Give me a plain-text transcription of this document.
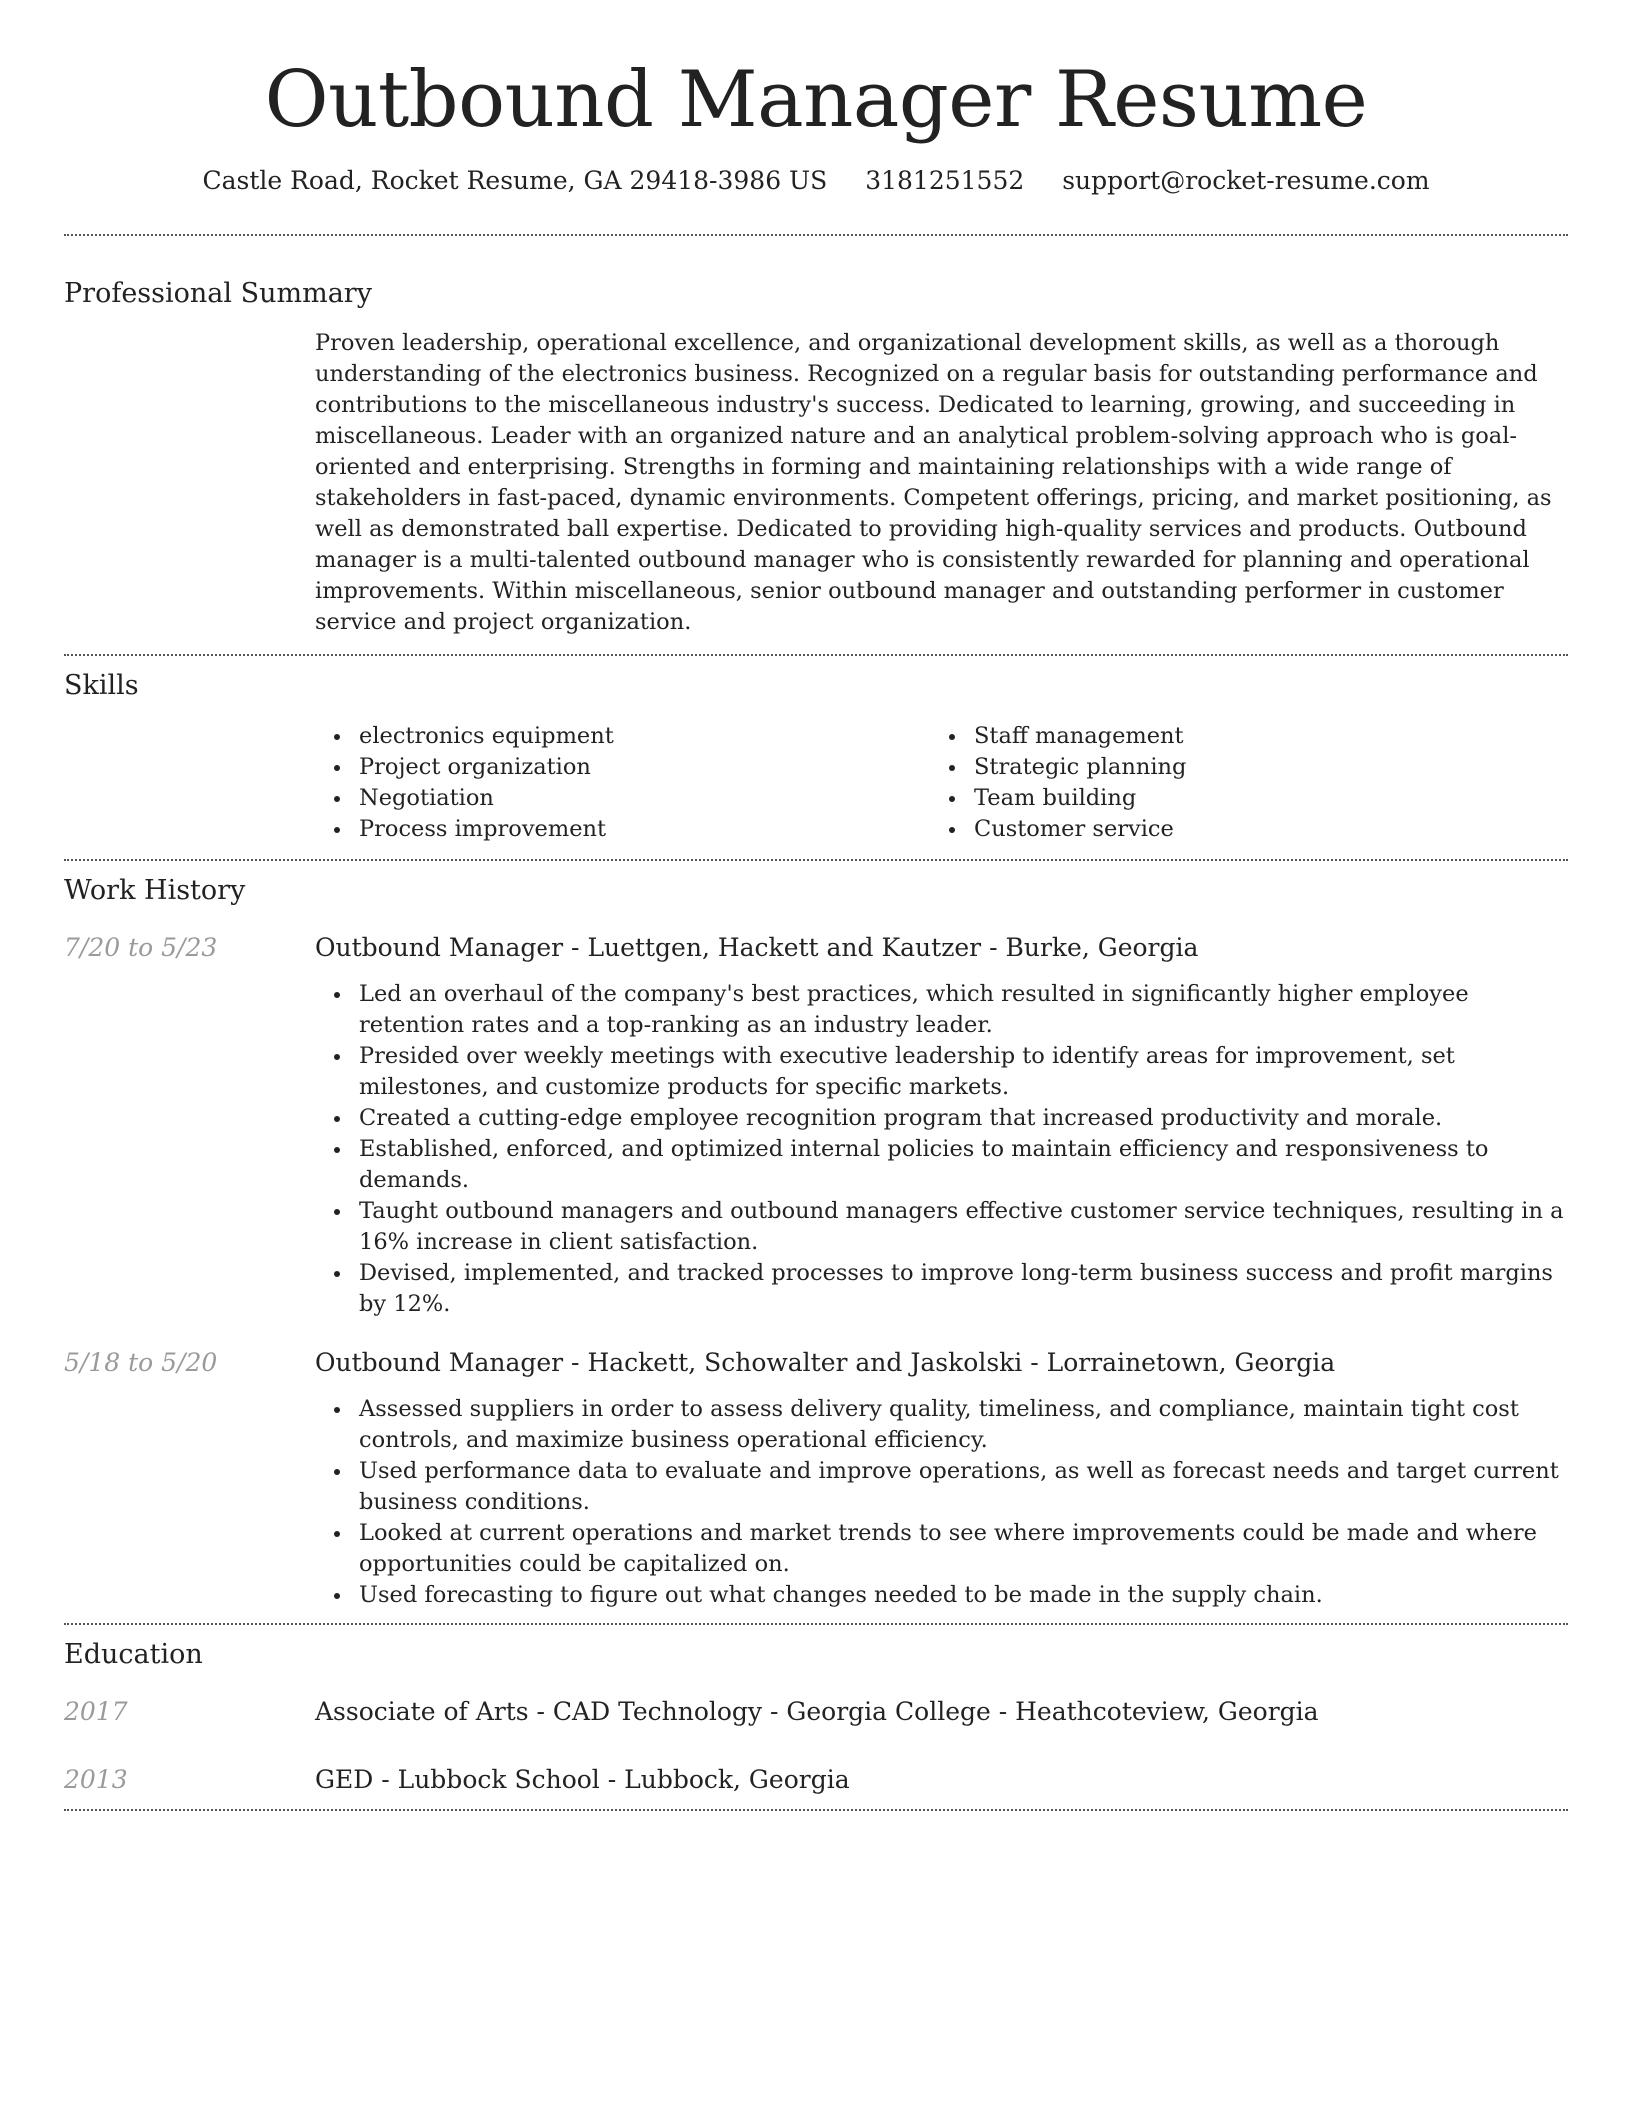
Outbound Manager Resume
Castle Road, Rocket Resume, GA 29418-3986 US 3181251552 support@rocket-resume.com
Professional Summary

Proven leadership, operational excellence, and organizational development skills, as well as a thorough understanding of the electronics business. Recognized on a regular basis for outstanding performance and contributions to the miscellaneous industry's success. Dedicated to learning, growing, and succeeding in miscellaneous. Leader with an organized nature and an analytical problem-solving approach who is goal-oriented and enterprising. Strengths in forming and maintaining relationships with a wide range of stakeholders in fast-paced, dynamic environments. Competent offerings, pricing, and market positioning, as well as demonstrated ball expertise. Dedicated to providing high-quality services and products. Outbound manager is a multi-talented outbound manager who is consistently rewarded for planning and operational improvements. Within miscellaneous, senior outbound manager and outstanding performer in customer service and project organization.

Skills
electronics equipment
Project organization
Negotiation
Process improvement
Staff management
Strategic planning
Team building
Customer service
Work History
7/20 to 5/23	Outbound Manager - Luettgen, Hackett and Kautzer - Burke, Georgia
Led an overhaul of the company's best practices, which resulted in significantly higher employee retention rates and a top-ranking as an industry leader.
Presided over weekly meetings with executive leadership to identify areas for improvement, set milestones, and customize products for specific markets.
Created a cutting-edge employee recognition program that increased productivity and morale.
Established, enforced, and optimized internal policies to maintain efficiency and responsiveness to demands.
Taught outbound managers and outbound managers effective customer service techniques, resulting in a 16% increase in client satisfaction.
Devised, implemented, and tracked processes to improve long-term business success and profit margins by 12%.
5/18 to 5/20	Outbound Manager - Hackett, Schowalter and Jaskolski - Lorrainetown, Georgia
Assessed suppliers in order to assess delivery quality, timeliness, and compliance, maintain tight cost controls, and maximize business operational efficiency.
Used performance data to evaluate and improve operations, as well as forecast needs and target current business conditions.
Looked at current operations and market trends to see where improvements could be made and where opportunities could be capitalized on.
Used forecasting to figure out what changes needed to be made in the supply chain.
Education
2017	Associate of Arts - CAD Technology - Georgia College - Heathcoteview, Georgia
2013	GED - Lubbock School - Lubbock, Georgia
